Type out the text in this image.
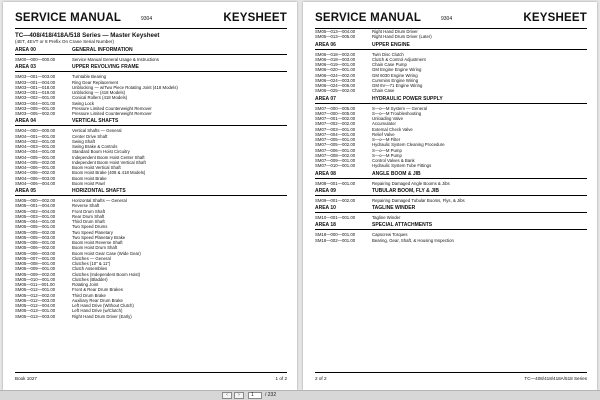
SERVICE MANUAL	9304	KEYSHEET
TC—408/418/418A/518 Series — Master Keysheet
(4ET, 4EVT or 8 Prefix On Crane Serial Number)
AREA 00	GENERAL INFORMATION
SM00—000—000.00	Service Manual General Usage & Instructions
AREA 03	UPPER REVOLVING FRAME
SM03—001—003.00	Turntable Bearing
SM03—001—004.00	Ring Gear Replacement
SM03—001—018.00	Unblocking — w/Two Piece Rotating Joint (418 Models)
SM03—001—019.00	Unblocking — (418 Models)
SM03—002—001.00	Conical Rollers (418 Models)
SM03—004—001.00	Swing Lock
SM03—005—001.00	Pressure Limited Counterweight Remover
SM03—005—002.00	Pressure Limited Counterweight Remover
AREA 04	VERTICAL SHAFTS
SM04—000—000.00	Vertical Shafts — General
SM04—001—001.00	Center Drive Shaft
SM04—002—001.00	Swing Shaft
SM04—003—001.00	Swing Brake & Controls
SM04—004—001.00	Standard Boom Hoist Circuitry
SM04—005—001.00	Independent Boom Hoist Center Shaft
SM04—005—002.00	Independent Boom Hoist Vertical Shaft
SM04—006—001.00	Boom Hoist Vertical Shaft
SM04—006—002.00	Boom Hoist Brake (408 & 418 Models)
SM04—006—003.00	Boom Hoist Brake
SM04—006—004.00	Boom Hoist Pawl
AREA 05	HORIZONTAL SHAFTS
SM05—000—002.00	Horizontal Shafts — General
SM05—001—004.00	Reverse Shaft
SM05—002—004.00	Front Drum Shaft
SM05—003—001.00	Rear Drum Shaft
SM05—004—001.00	Third Drum Shaft
SM05—005—001.00	Two Speed Drums
SM05—005—002.00	Two Speed Planetary
SM05—005—003.00	Two Speed Planetary Brake
SM05—006—001.00	Boom Hoist Reverse Shaft
SM05—006—002.00	Boom Hoist Drum Shaft
SM05—006—003.00	Boom Hoist Gear Case (Wide Gear)
SM05—007—001.00	Clutches — General
SM05—008—001.00	Clutches (10" & 11")
SM05—009—001.00	Clutch Assemblies
SM05—009—002.00	Clutches (Independent Boom Hoist)
SM05—010—001.00	Clutches (Bladder)
SM05—011—001.00	Rotating Joint
SM05—012—001.00	Front & Rear Drum Brakes
SM05—012—002.00	Third Drum Brake
SM05—012—003.00	Auxiliary Rear Drum Brake
SM05—012—004.00	Left Hand Drive (Without Clutch)
SM05—013—001.00	Left Hand Drive (w/Clutch)
SM05—013—003.00	Right Hand Drum Driver (Early)
Book 1027	1 of 2
SERVICE MANUAL	9304	KEYSHEET
SM05—013—004.00	Right Hand Drum Driver
SM05—013—005.00	Right Hand Drum Driver (Later)
AREA 06	UPPER ENGINE
SM06—018—002.00	Twin Disc Clutch
SM06—018—003.00	Clutch & Control Adjustment
SM06—019—001.00	Chain Case Pump
SM06—020—001.00	GM Engine Engine Wiring
SM06—024—002.00	GM 6030 Engine Wiring
SM06—024—003.00	Cummins Engine Wiring
SM06—024—006.00	GM 6V—71 Engine Wiring
SM06—025—002.00	Chain Case
AREA 07	HYDRAULIC POWER SUPPLY
SM07—000—005.00	S—o—M System — General
SM07—000—005.00	S—o—M Troubleshooting
SM07—001—002.00	Unloading Valve
SM07—002—002.00	Accumulator
SM07—003—001.00	External Check Valve
SM07—004—001.00	Relief Valve
SM07—005—001.00	S—o—M Filter
SM07—005—002.00	Hydraulic System Cleaning Procedure
SM07—006—001.00	S—o—M Pump
SM07—008—002.00	S—o—M Pump
SM07—009—001.00	Control Valves & Bank
SM07—010—001.00	Hydraulic System Tube Fittings
AREA 08	ANGLE BOOM & JIB
SM08—001—001.00	Repairing Damaged Angle Booms & Jibs
AREA 09	TUBULAR BOOM, FLY & JIB
SM09—001—002.00	Repairing Damaged Tubular Booms, Flys, & Jibs
AREA 10	TAGLINE WINDER
SM10—001—001.00	Tagline Winder
AREA 18	SPECIAL ATTACHMENTS
SM18—000—001.00	Capscrew Torques
SM18—002—001.00	Bearing, Gear, Shaft, & Housing Inspection
2 of 2	TC—408/418/418A/518 Series
‹	›	1	/ 232
